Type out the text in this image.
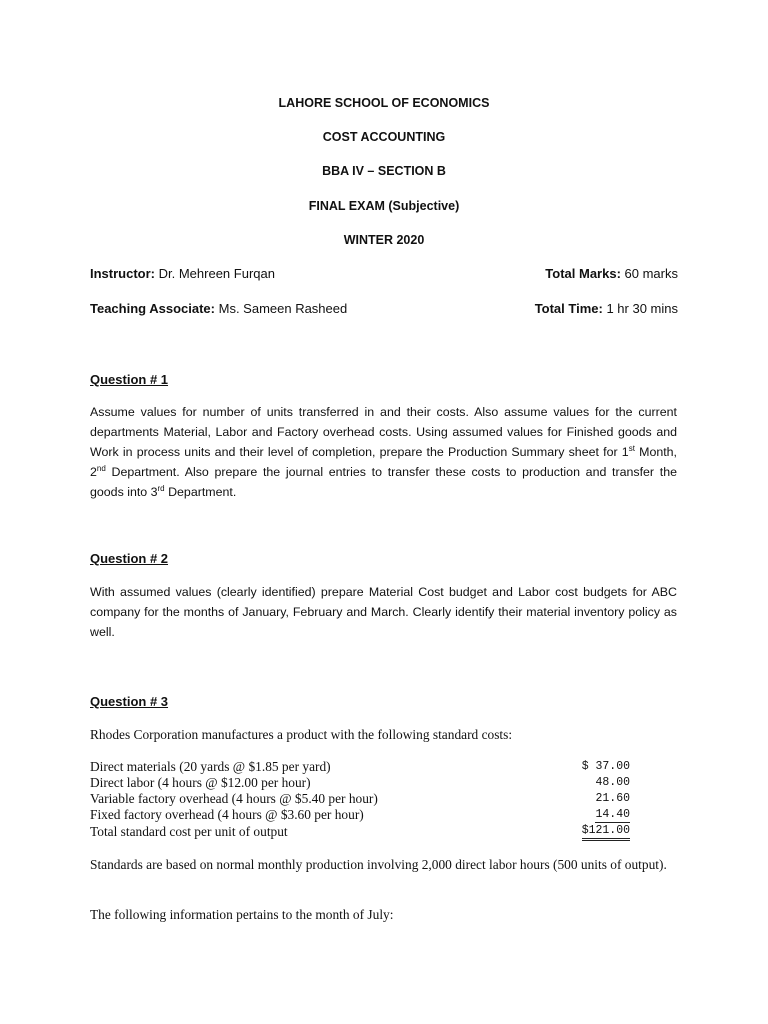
LAHORE SCHOOL OF ECONOMICS
COST ACCOUNTING
BBA IV – SECTION B
FINAL EXAM (Subjective)
WINTER 2020
Instructor: Dr. Mehreen Furqan	Total Marks: 60 marks
Teaching Associate: Ms. Sameen Rasheed	Total Time: 1 hr 30 mins
Question # 1

Assume values for number of units transferred in and their costs. Also assume values for the current departments Material, Labor and Factory overhead costs. Using assumed values for Finished goods and Work in process units and their level of completion, prepare the Production Summary sheet for 1st Month, 2nd Department. Also prepare the journal entries to transfer these costs to production and transfer the goods into 3rd Department.

Question # 2

With assumed values (clearly identified) prepare Material Cost budget and Labor cost budgets for ABC company for the months of January, February and March. Clearly identify their material inventory policy as well.

Question # 3

Rhodes Corporation manufactures a product with the following standard costs:

Direct materials (20 yards @ $1.85 per yard)	$ 37.00
Direct labor (4 hours @ $12.00 per hour)	48.00
Variable factory overhead (4 hours @ $5.40 per hour)	21.60
Fixed factory overhead (4 hours @ $3.60 per hour)	14.40
Total standard cost per unit of output	$121.00

Standards are based on normal monthly production involving 2,000 direct labor hours (500 units of output).

The following information pertains to the month of July:
